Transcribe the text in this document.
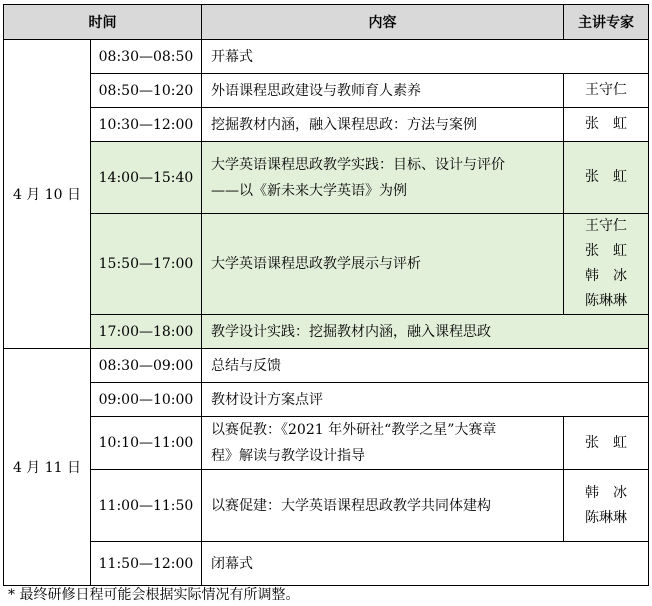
时间		内容	主讲专家
4 月 10 日	08:30—08:50	开幕式	

	08:50—10:20	外语课程思政建设与教师育人素养	王守仁

	10:30—12:00	挖掘教材内涵，融入课程思政：方法与案例	张　虹

	14:00—15:40	大学英语课程思政教学实践：目标、设计与评价
——以《新未来大学英语》为例	张　虹

	15:50—17:00	大学英语课程思政教学展示与评析	王守仁
张　虹
韩　冰
陈琳琳

	17:00—18:00	教学设计实践：挖掘教材内涵，融入课程思政	

4 月 11 日	08:30—09:00	总结与反馈	

	09:00—10:00	教材设计方案点评	

	10:10—11:00	以赛促教：《2021 年外研社“教学之星”大赛章
程》解读与教学设计指导	张　虹

	11:00—11:50	以赛促建：大学英语课程思政教学共同体建构	韩　冰
陈琳琳

	11:50—12:00	闭幕式	
* 最终研修日程可能会根据实际情况有所调整。
